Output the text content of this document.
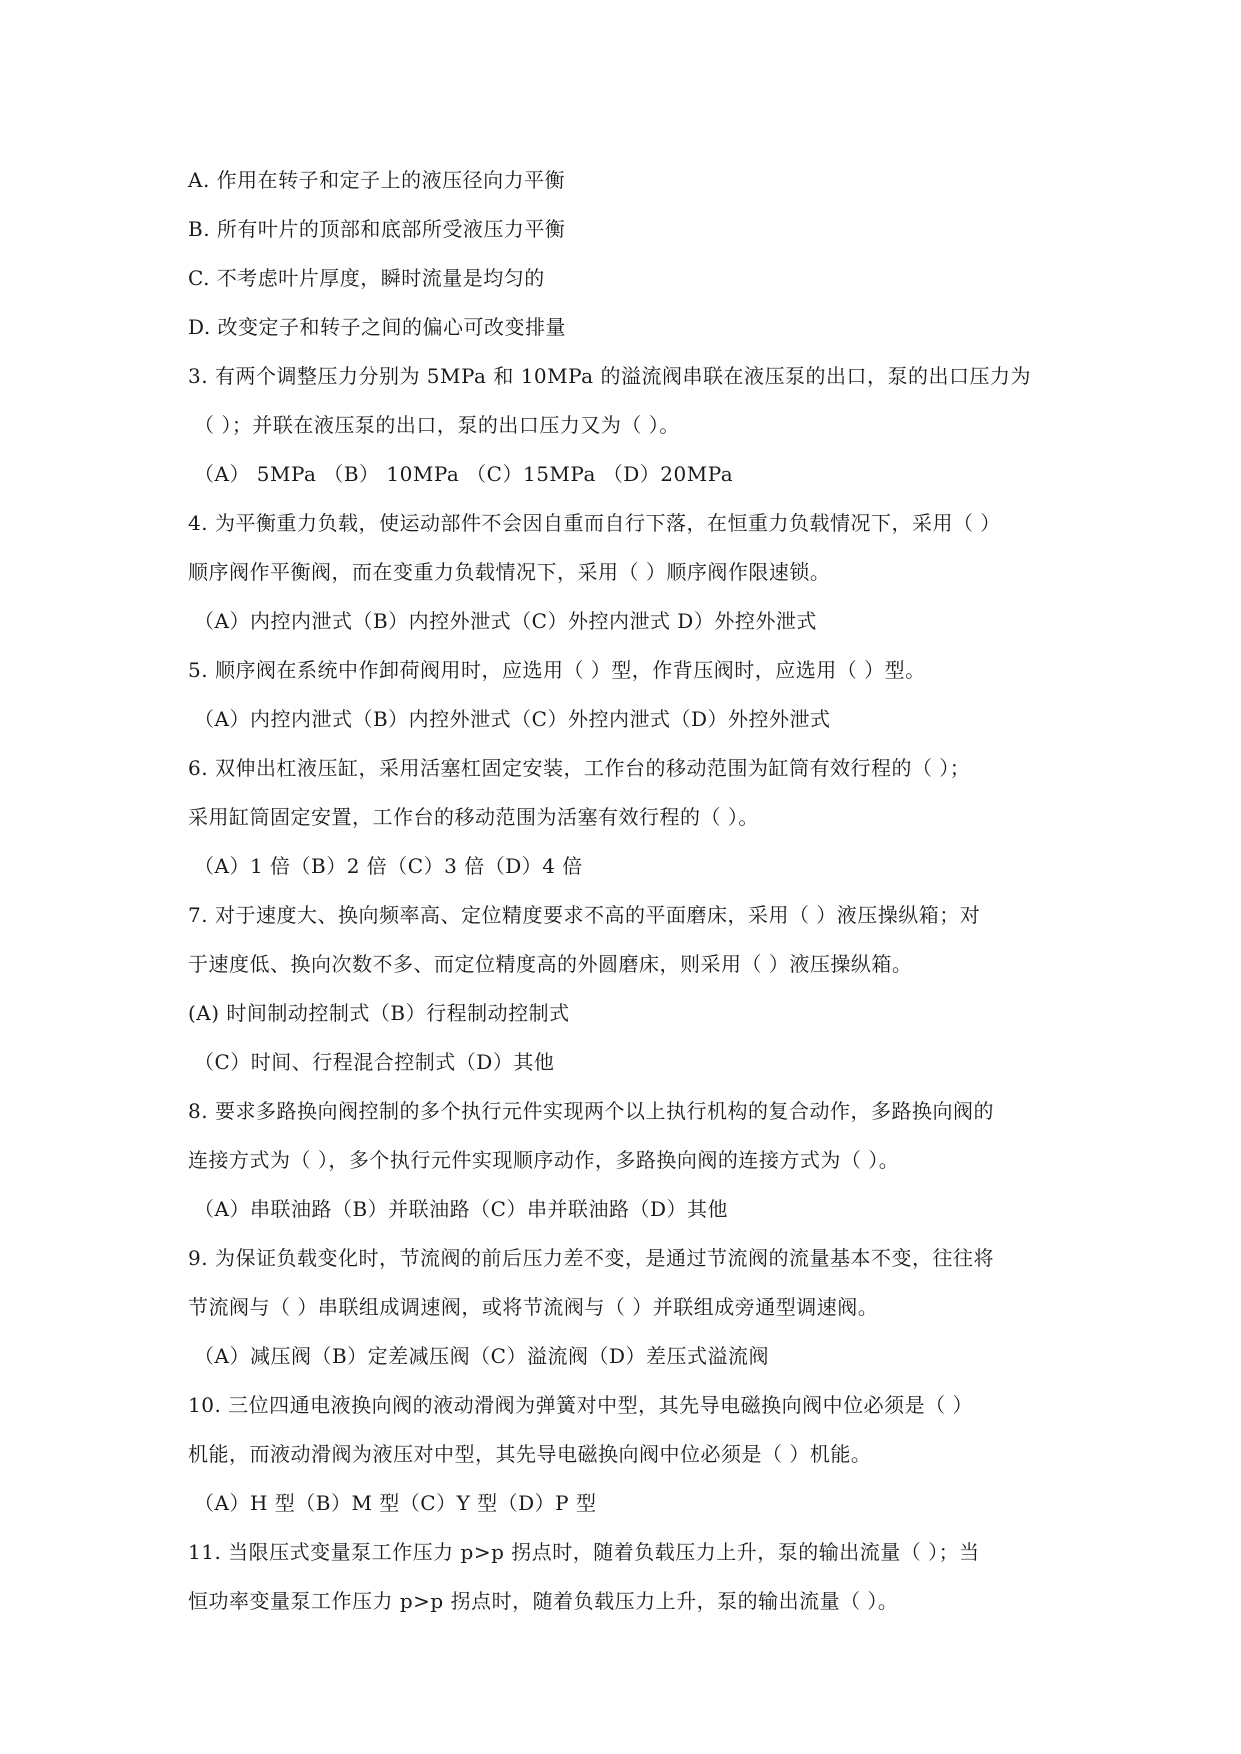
A. 作用在转子和定子上的液压径向力平衡
B. 所有叶片的顶部和底部所受液压力平衡
C. 不考虑叶片厚度，瞬时流量是均匀的
D. 改变定子和转子之间的偏心可改变排量
3. 有两个调整压力分别为 5MPa 和 10MPa 的溢流阀串联在液压泵的出口，泵的出口压力为
（ ）；并联在液压泵的出口，泵的出口压力又为（ ）。
（A） 5MPa （B） 10MPa （C）15MPa （D）20MPa
4. 为平衡重力负载，使运动部件不会因自重而自行下落，在恒重力负载情况下，采用（ ）
顺序阀作平衡阀，而在变重力负载情况下，采用（ ）顺序阀作限速锁。
（A）内控内泄式（B）内控外泄式（C）外控内泄式 D）外控外泄式
5. 顺序阀在系统中作卸荷阀用时，应选用（ ）型，作背压阀时，应选用（ ）型。
（A）内控内泄式（B）内控外泄式（C）外控内泄式（D）外控外泄式
6. 双伸出杠液压缸，采用活塞杠固定安装，工作台的移动范围为缸筒有效行程的（ ）；
采用缸筒固定安置，工作台的移动范围为活塞有效行程的（ ）。
（A）1 倍（B）2 倍（C）3 倍（D）4 倍
7. 对于速度大、换向频率高、定位精度要求不高的平面磨床，采用（ ）液压操纵箱；对
于速度低、换向次数不多、而定位精度高的外圆磨床，则采用（ ）液压操纵箱。
(A) 时间制动控制式（B）行程制动控制式
（C）时间、行程混合控制式（D）其他
8. 要求多路换向阀控制的多个执行元件实现两个以上执行机构的复合动作，多路换向阀的
连接方式为（ ），多个执行元件实现顺序动作，多路换向阀的连接方式为（ ）。
（A）串联油路（B）并联油路（C）串并联油路（D）其他
9. 为保证负载变化时，节流阀的前后压力差不变，是通过节流阀的流量基本不变，往往将
节流阀与（ ）串联组成调速阀，或将节流阀与（ ）并联组成旁通型调速阀。
（A）减压阀（B）定差减压阀（C）溢流阀（D）差压式溢流阀
10. 三位四通电液换向阀的液动滑阀为弹簧对中型，其先导电磁换向阀中位必须是（ ）
机能，而液动滑阀为液压对中型，其先导电磁换向阀中位必须是（ ）机能。
（A）H 型（B）M 型（C）Y 型（D）P 型
11. 当限压式变量泵工作压力 p>p 拐点时，随着负载压力上升，泵的输出流量（ ）；当
恒功率变量泵工作压力 p>p 拐点时，随着负载压力上升，泵的输出流量（ ）。
